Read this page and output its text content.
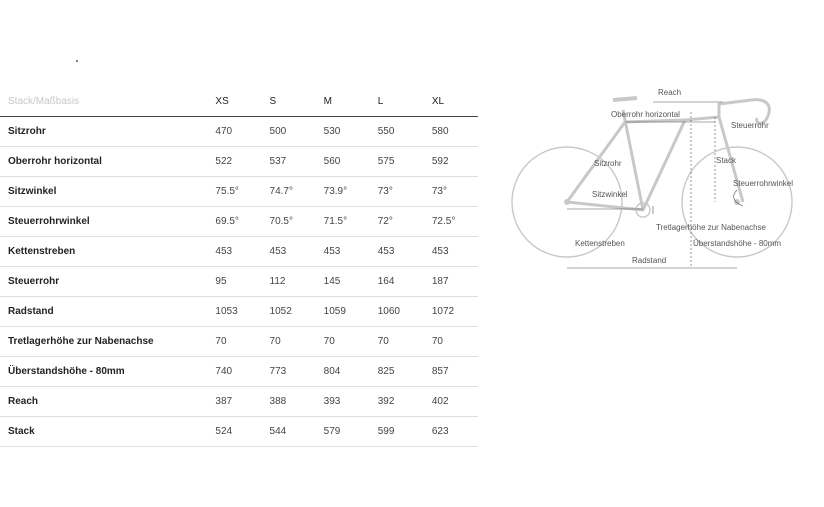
Stack/Maßbasis	XS	S	M	L	XL
Sitzrohr	470	500	530	550	580
Oberrohr horizontal	522	537	560	575	592
Sitzwinkel	75.5°	74.7°	73.9°	73°	73°
Steuerrohrwinkel	69.5°	70.5°	71.5°	72°	72.5°
Kettenstreben	453	453	453	453	453
Steuerrohr	95	112	145	164	187
Radstand	1053	1052	1059	1060	1072
Tretlagerhöhe zur Nabenachse	70	70	70	70	70
Überstandshöhe - 80mm	740	773	804	825	857
Reach	387	388	393	392	402
Stack	524	544	579	599	623
Reach
Oberrohr horizontal
Steuerrohr
Sitzrohr	Stack
Steuerrohrwinkel
Sitzwinkel
Tretlagerhöhe zur Nabenachse
Kettenstreben	Überstandshöhe - 80mm
Radstand
